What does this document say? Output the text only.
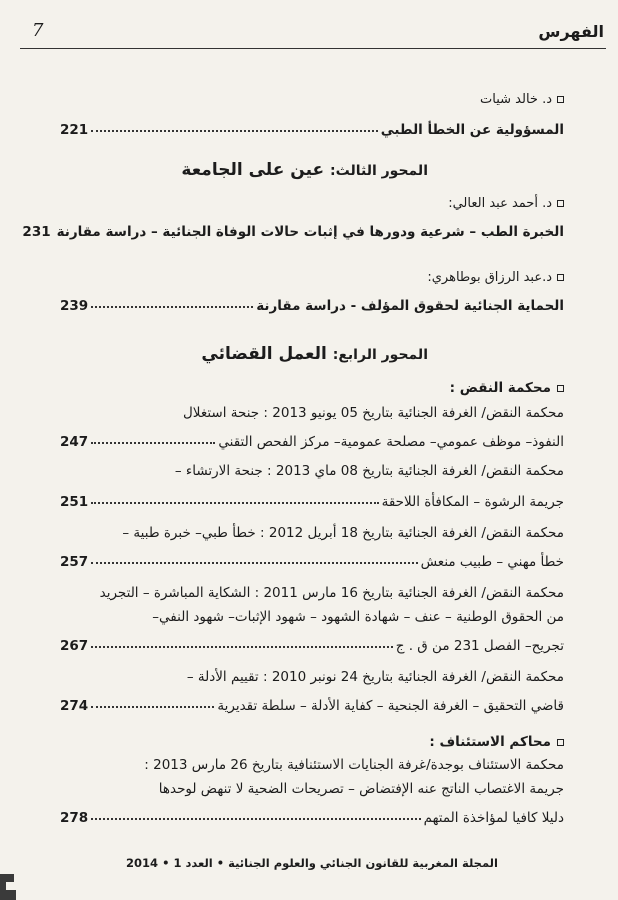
الفهرس
7
د. خالد شيات
المسؤولية عن الخطأ الطبي
221
المحور الثالث: عين على الجامعة
د. أحمد عبد العالي:
الخبرة الطب – شرعية ودورها في إثبات حالات الوفاة الجنائية – دراسة مقارنة
231
د.عبد الرزاق بوطاهري:
الحماية الجنائية لحقوق المؤلف - دراسة مقارنة
239
المحور الرابع: العمل القضائي
محكمة النقض :
محكمة النقض/ الغرفة الجنائية بتاريخ 05 يونيو 2013 : جنحة استغلال
النفوذ– موظف عمومي– مصلحة عمومية– مركز الفحص التقني
247
محكمة النقض/ الغرفة الجنائية بتاريخ 08 ماي 2013 : جنحة الارتشاء –
جريمة الرشوة – المكافأة اللاحقة
251
محكمة النقض/ الغرفة الجنائية بتاريخ 18 أبريل 2012 : خطأ طبي– خبرة طبية –
خطأ مهني – طبيب منعش
257
محكمة النقض/ الغرفة الجنائية بتاريخ 16 مارس 2011 : الشكاية المباشرة – التجريد
من الحقوق الوطنية – عنف – شهادة الشهود – شهود الإثبات– شهود النفي–
تجريح– الفصل 231 من ق . ج
267
محكمة النقض/ الغرفة الجنائية بتاريخ 24 نونبر 2010 : تقييم الأدلة –
قاضي التحقيق – الغرفة الجنحية – كفاية الأدلة – سلطة تقديرية
274
محاكم الاستئناف :
محكمة الاستئناف بوجدة/غرفة الجنايات الاستئنافية بتاريخ 26 مارس 2013 :
جريمة الاغتصاب الناتج عنه الإفتضاض – تصريحات الضحية لا تنهض لوحدها
دليلا كافيا لمؤاخذة المتهم
278
المجلة المغربية للقانون الجنائي والعلوم الجنائية • العدد 1 • 2014
